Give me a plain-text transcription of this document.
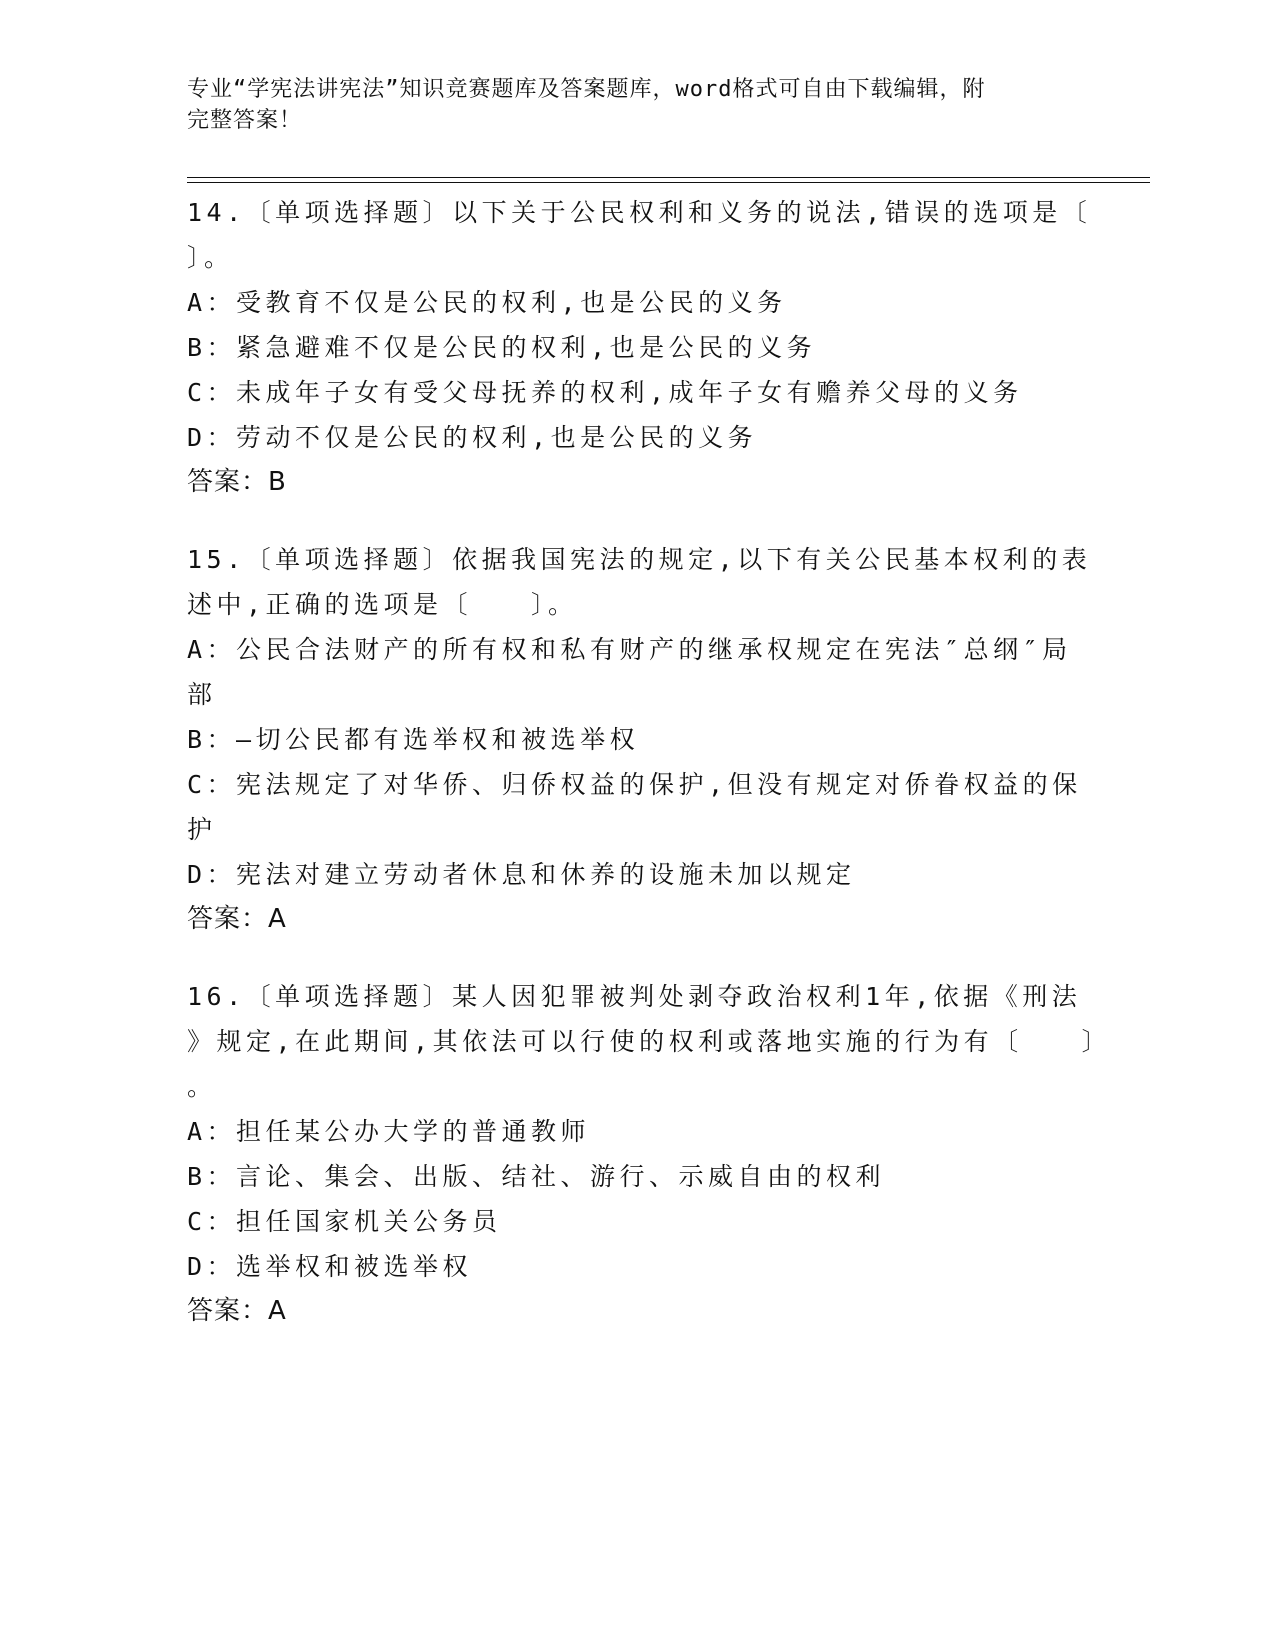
专业“学宪法讲宪法”知识竞赛题库及答案题库，word格式可自由下载编辑，附
完整答案！
14.〔单项选择题〕以下关于公民权利和义务的说法,错误的选项是〔
〕。
A：受教育不仅是公民的权利,也是公民的义务
B：紧急避难不仅是公民的权利,也是公民的义务
C：未成年子女有受父母抚养的权利,成年子女有赡养父母的义务
D：劳动不仅是公民的权利,也是公民的义务
答案：B
15.〔单项选择题〕依据我国宪法的规定,以下有关公民基本权利的表
述中,正确的选项是〔　　〕。
A：公民合法财产的所有权和私有财产的继承权规定在宪法″总纲″局
部
B：—切公民都有选举权和被选举权
C：宪法规定了对华侨、归侨权益的保护,但没有规定对侨眷权益的保
护
D：宪法对建立劳动者休息和休养的设施未加以规定
答案：A
16.〔单项选择题〕某人因犯罪被判处剥夺政治权利1年,依据《刑法
》规定,在此期间,其依法可以行使的权利或落地实施的行为有〔　　〕
。
A：担任某公办大学的普通教师
B：言论、集会、出版、结社、游行、示威自由的权利
C：担任国家机关公务员
D：选举权和被选举权
答案：A
